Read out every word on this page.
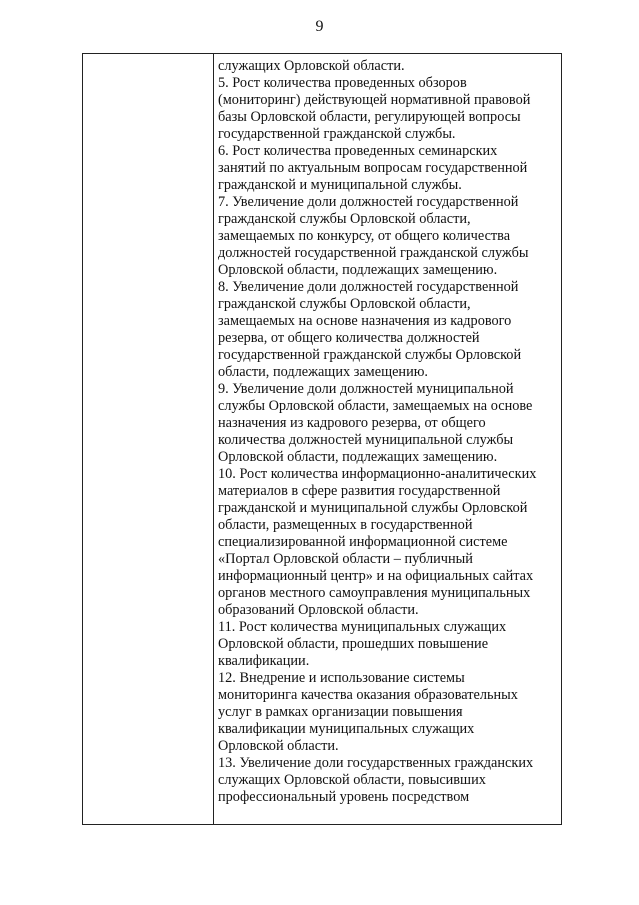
9

служащих Орловской области.
5. Рост количества проведенных обзоров
(мониторинг) действующей нормативной правовой
базы Орловской области, регулирующей вопросы
государственной гражданской службы.
6. Рост количества проведенных семинарских
занятий по актуальным вопросам государственной
гражданской и муниципальной службы.
7. Увеличение доли должностей государственной
гражданской службы Орловской области,
замещаемых по конкурсу, от общего количества
должностей государственной гражданской службы
Орловской области, подлежащих замещению.
8. Увеличение доли должностей государственной
гражданской службы Орловской области,
замещаемых на основе назначения из кадрового
резерва, от общего количества должностей
государственной гражданской службы Орловской
области, подлежащих замещению.
9. Увеличение доли должностей муниципальной
службы Орловской области, замещаемых на основе
назначения из кадрового резерва, от общего
количества должностей муниципальной службы
Орловской области, подлежащих замещению.
10. Рост количества информационно-аналитических
материалов в сфере развития государственной
гражданской и муниципальной службы Орловской
области, размещенных в государственной
специализированной информационной системе
«Портал Орловской области – публичный
информационный центр» и на официальных сайтах
органов местного самоуправления муниципальных
образований Орловской области.
11. Рост количества муниципальных служащих
Орловской области, прошедших повышение
квалификации.
12. Внедрение и использование системы
мониторинга качества оказания образовательных
услуг в рамках организации повышения
квалификации муниципальных служащих
Орловской области.
13. Увеличение доли государственных гражданских
служащих Орловской области, повысивших
профессиональный уровень посредством
